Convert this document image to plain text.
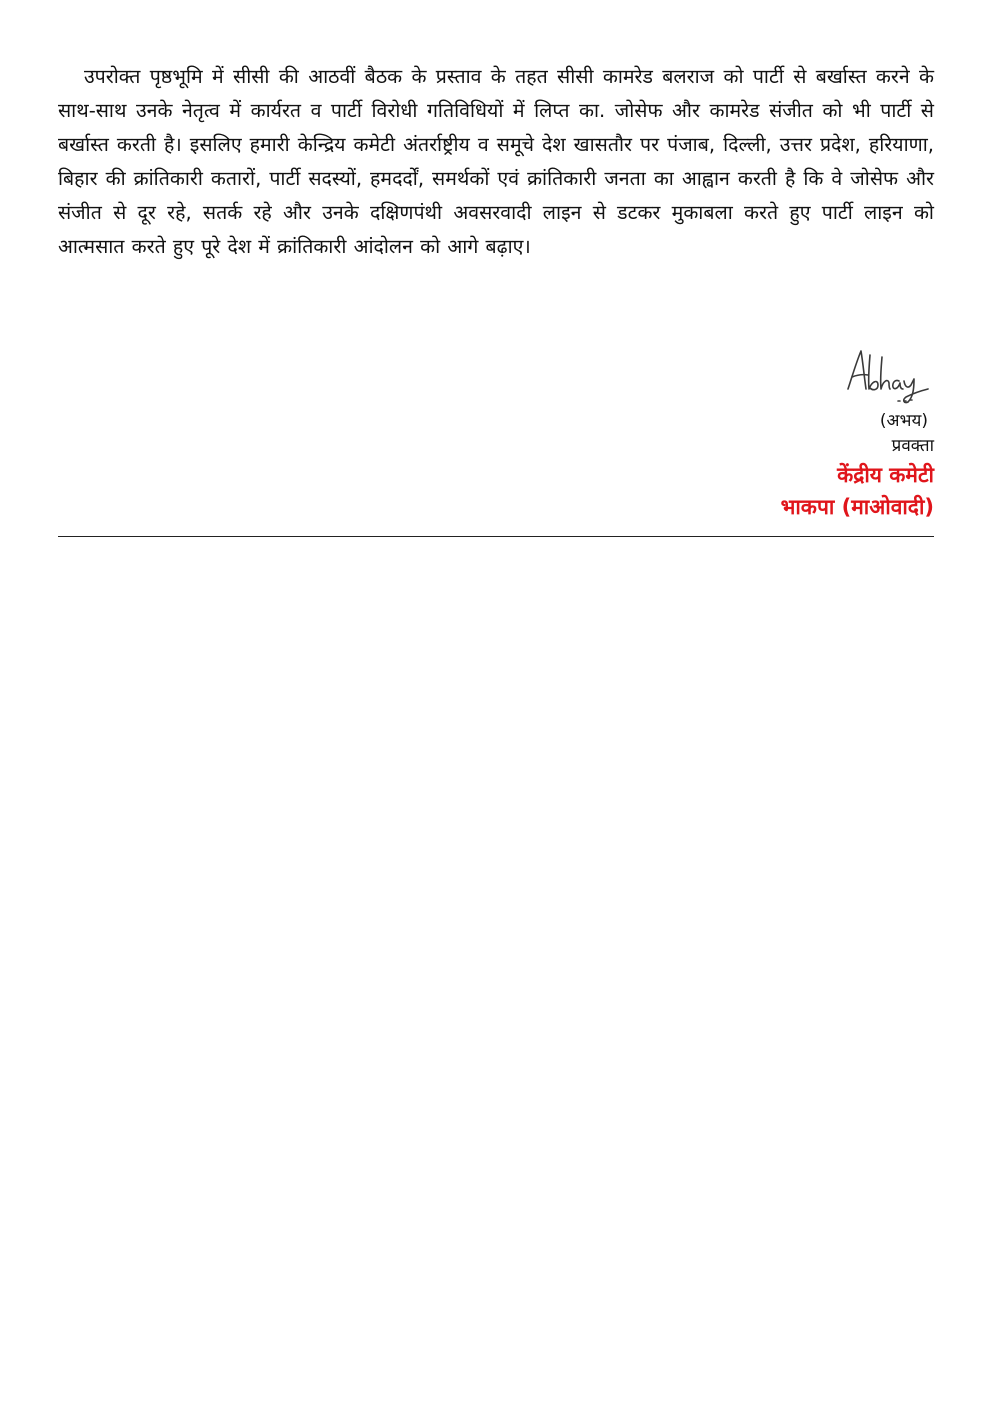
उपरोक्त पृष्ठभूमि में सीसी की आठवीं बैठक के प्रस्ताव के तहत सीसी कामरेड बलराज को पार्टी से बर्खास्त करने के साथ-साथ उनके नेतृत्व में कार्यरत व पार्टी विरोधी गतिविधियों में लिप्त का. जोसेफ और कामरेड संजीत को भी पार्टी से बर्खास्त करती है। इसलिए हमारी केन्द्रिय कमेटी अंतर्राष्ट्रीय व समूचे देश खासतौर पर पंजाब, दिल्ली, उत्तर प्रदेश, हरियाणा, बिहार की क्रांतिकारी कतारों, पार्टी सदस्यों, हमदर्दों, समर्थकों एवं क्रांतिकारी जनता का आह्वान करती है कि वे जोसेफ और संजीत से दूर रहे, सतर्क रहे और उनके दक्षिणपंथी अवसरवादी लाइन से डटकर मुकाबला करते हुए पार्टी लाइन को आत्मसात करते हुए पूरे देश में क्रांतिकारी आंदोलन को आगे बढ़ाए।

(अभय)
प्रवक्ता
केंद्रीय कमेटी
भाकपा (माओवादी)
